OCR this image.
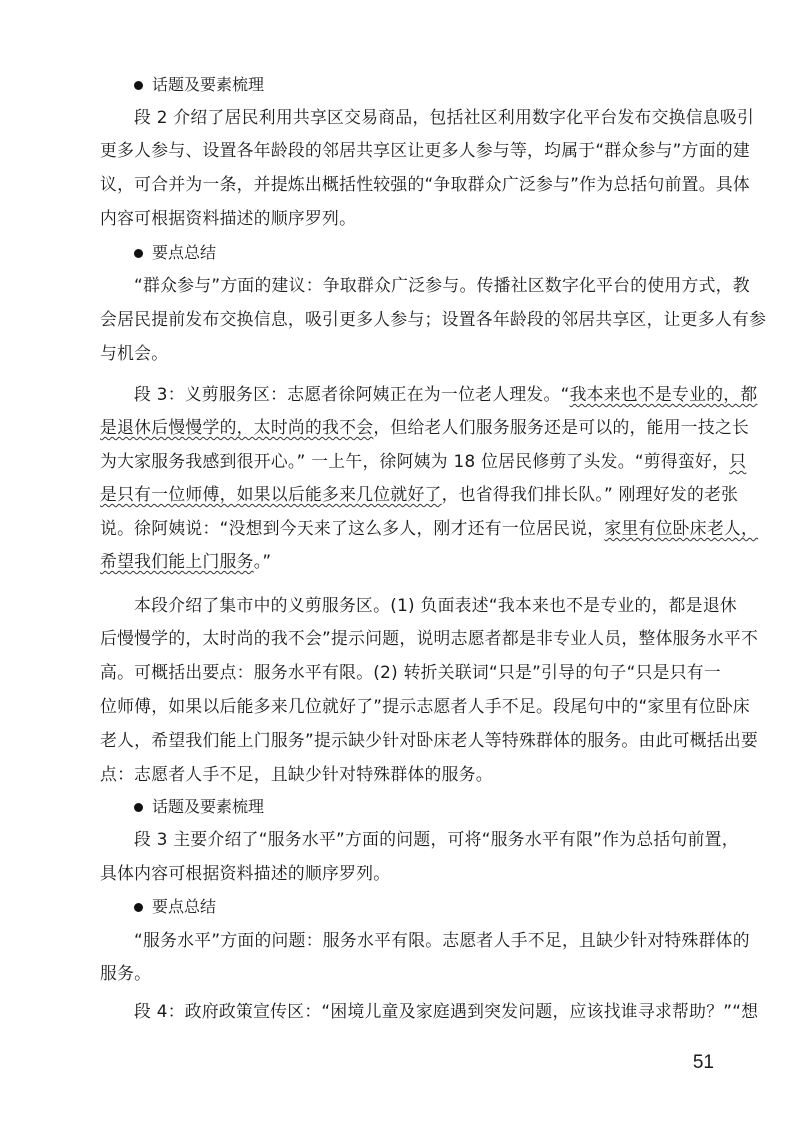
话题及要素梳理
段 2 介绍了居民利用共享区交易商品，包括社区利用数字化平台发布交换信息吸引
更多人参与、设置各年龄段的邻居共享区让更多人参与等，均属于“群众参与”方面的建
议，可合并为一条，并提炼出概括性较强的“争取群众广泛参与”作为总括句前置。具体
内容可根据资料描述的顺序罗列。
要点总结
“群众参与”方面的建议：争取群众广泛参与。传播社区数字化平台的使用方式，教
会居民提前发布交换信息，吸引更多人参与；设置各年龄段的邻居共享区，让更多人有参
与机会。
段 3：义剪服务区：志愿者徐阿姨正在为一位老人理发。“我本来也不是专业的，都
是退休后慢慢学的，太时尚的我不会，但给老人们服务服务还是可以的，能用一技之长
为大家服务我感到很开心。” 一上午，徐阿姨为 18 位居民修剪了头发。“剪得蛮好，只
是只有一位师傅，如果以后能多来几位就好了，也省得我们排长队。” 刚理好发的老张
说。徐阿姨说：“没想到今天来了这么多人，刚才还有一位居民说，家里有位卧床老人，
希望我们能上门服务。”
本段介绍了集市中的义剪服务区。(1) 负面表述“我本来也不是专业的，都是退休
后慢慢学的，太时尚的我不会”提示问题，说明志愿者都是非专业人员，整体服务水平不
高。可概括出要点：服务水平有限。(2) 转折关联词“只是”引导的句子“只是只有一
位师傅，如果以后能多来几位就好了”提示志愿者人手不足。段尾句中的“家里有位卧床
老人，希望我们能上门服务”提示缺少针对卧床老人等特殊群体的服务。由此可概括出要
点：志愿者人手不足，且缺少针对特殊群体的服务。
话题及要素梳理
段 3 主要介绍了“服务水平”方面的问题，可将“服务水平有限”作为总括句前置，
具体内容可根据资料描述的顺序罗列。
要点总结
“服务水平”方面的问题：服务水平有限。志愿者人手不足，且缺少针对特殊群体的
服务。
段 4：政府政策宣传区：“困境儿童及家庭遇到突发问题，应该找谁寻求帮助？”“想
51
